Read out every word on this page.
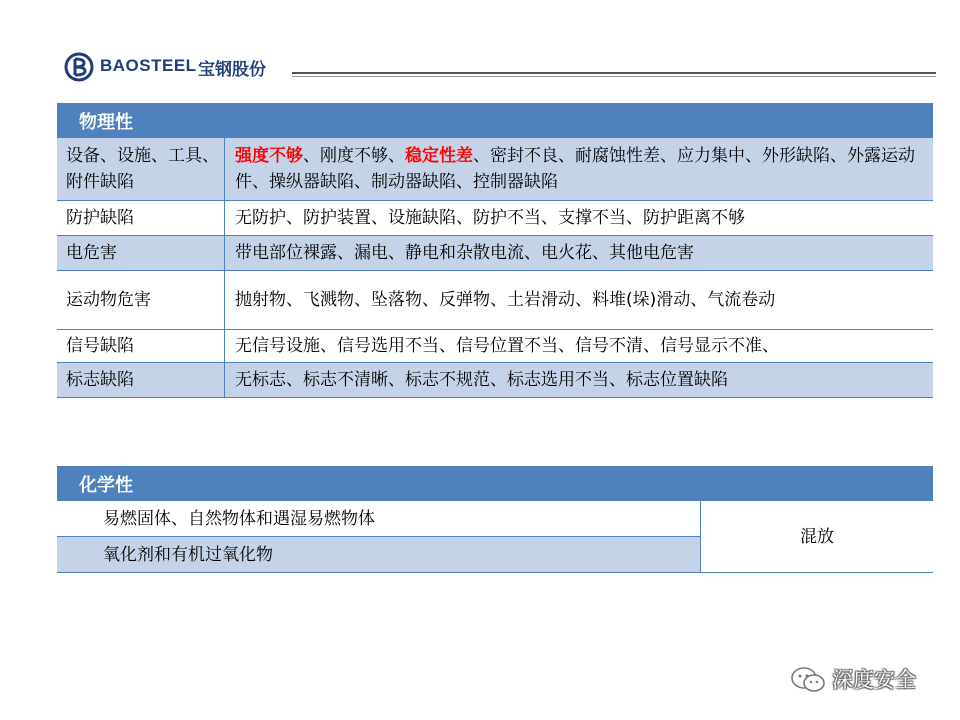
BAOSTEEL 宝钢股份
物理性	
设备、设施、工具、附件缺陷	强度不够、刚度不够、稳定性差、密封不良、耐腐蚀性差、应力集中、外形缺陷、外露运动件、操纵器缺陷、制动器缺陷、控制器缺陷
防护缺陷	无防护、防护装置、设施缺陷、防护不当、支撑不当、防护距离不够
电危害	带电部位裸露、漏电、静电和杂散电流、电火花、其他电危害
运动物危害	抛射物、飞溅物、坠落物、反弹物、土岩滑动、料堆(垛)滑动、气流卷动
信号缺陷	无信号设施、信号选用不当、信号位置不当、信号不清、信号显示不准、
标志缺陷	无标志、标志不清晰、标志不规范、标志选用不当、标志位置缺陷
化学性
易燃固体、自然物体和遇湿易燃物体	混放
氧化剂和有机过氧化物
深度安全
